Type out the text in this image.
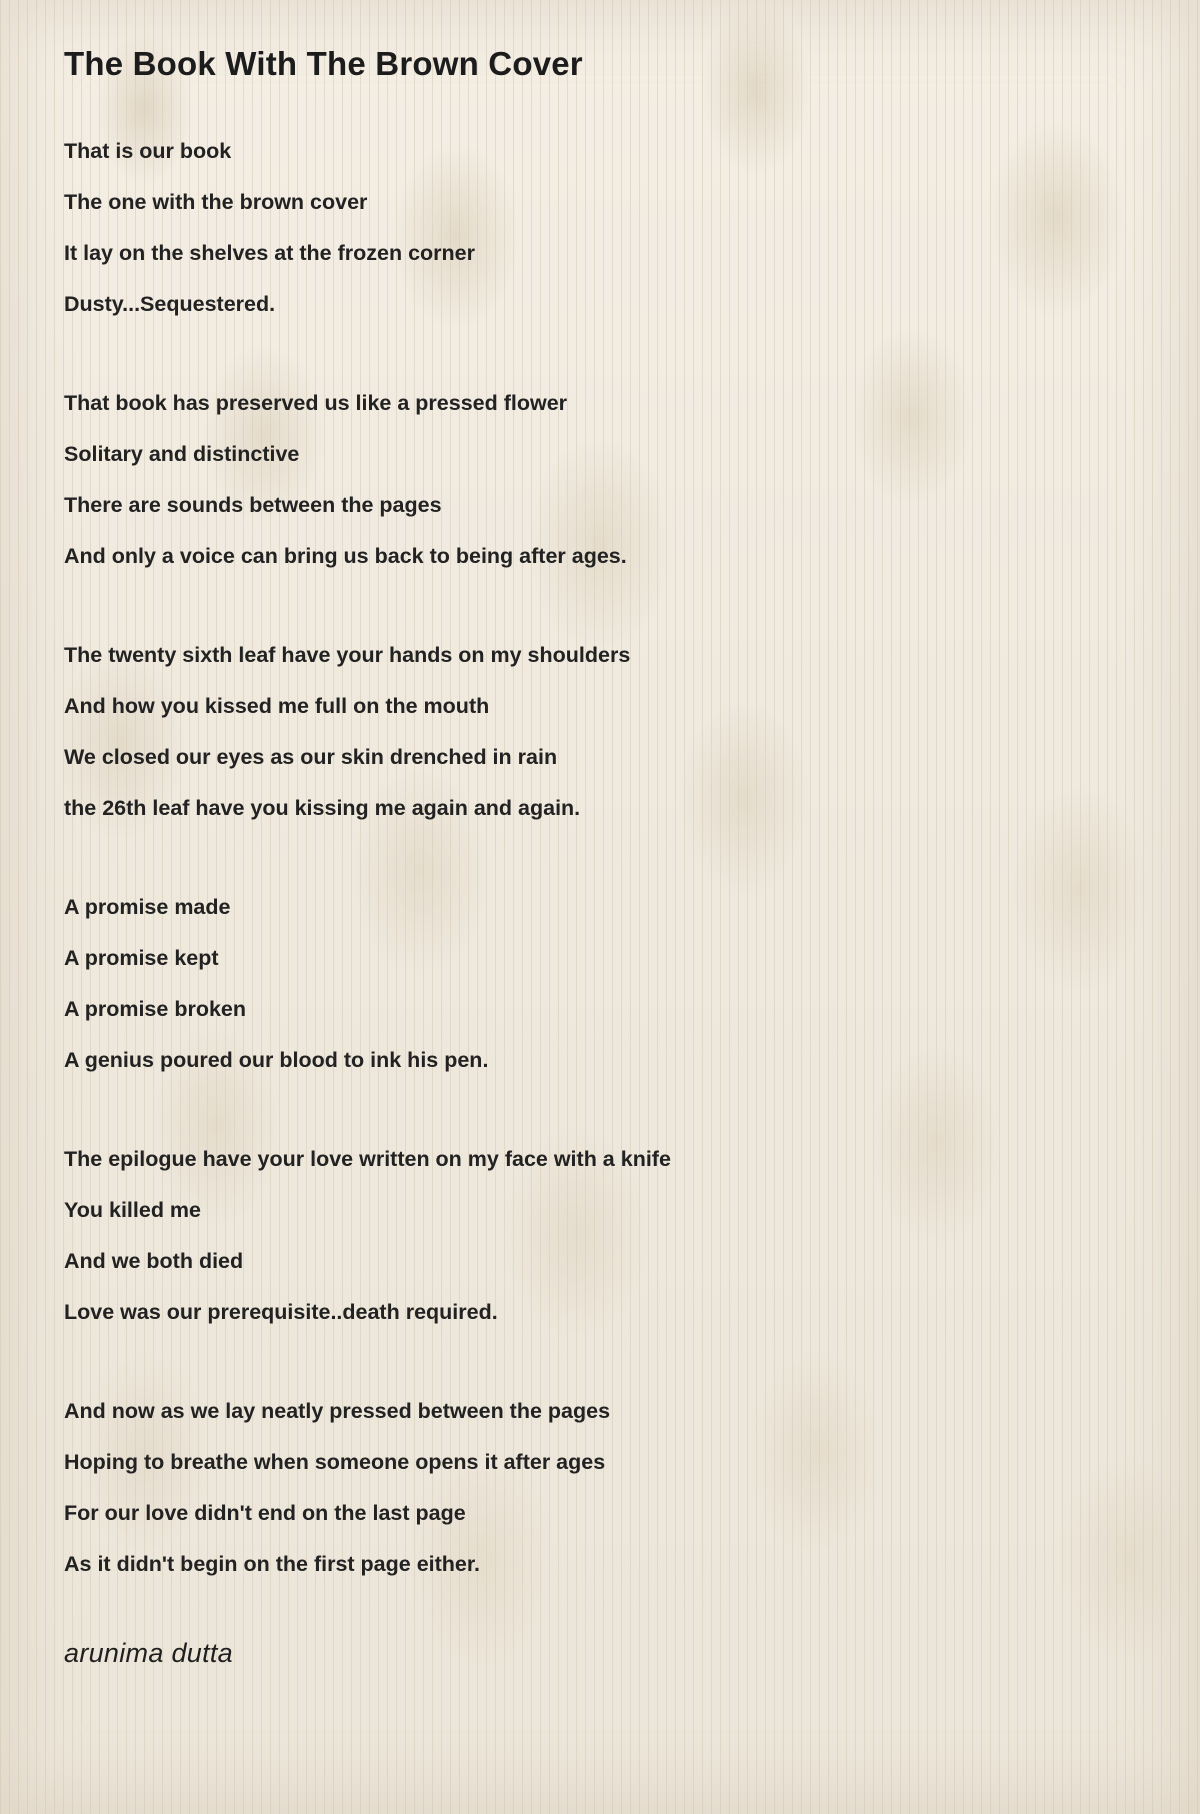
The Book With The Brown Cover
That is our book
The one with the brown cover
It lay on the shelves at the frozen corner
Dusty...Sequestered.
That book has preserved us like a pressed flower
Solitary and distinctive
There are sounds between the pages
And only a voice can bring us back to being after ages.
The twenty sixth leaf have your hands on my shoulders
And how you kissed me full on the mouth
We closed our eyes as our skin drenched in rain
the 26th leaf have you kissing me again and again.
A promise made
A promise kept
A promise broken
A genius poured our blood to ink his pen.
The epilogue have your love written on my face with a knife
You killed me
And we both died
Love was our prerequisite..death required.
And now as we lay neatly pressed between the pages
Hoping to breathe when someone opens it after ages
For our love didn't end on the last page
As it didn't begin on the first page either.
arunima dutta
